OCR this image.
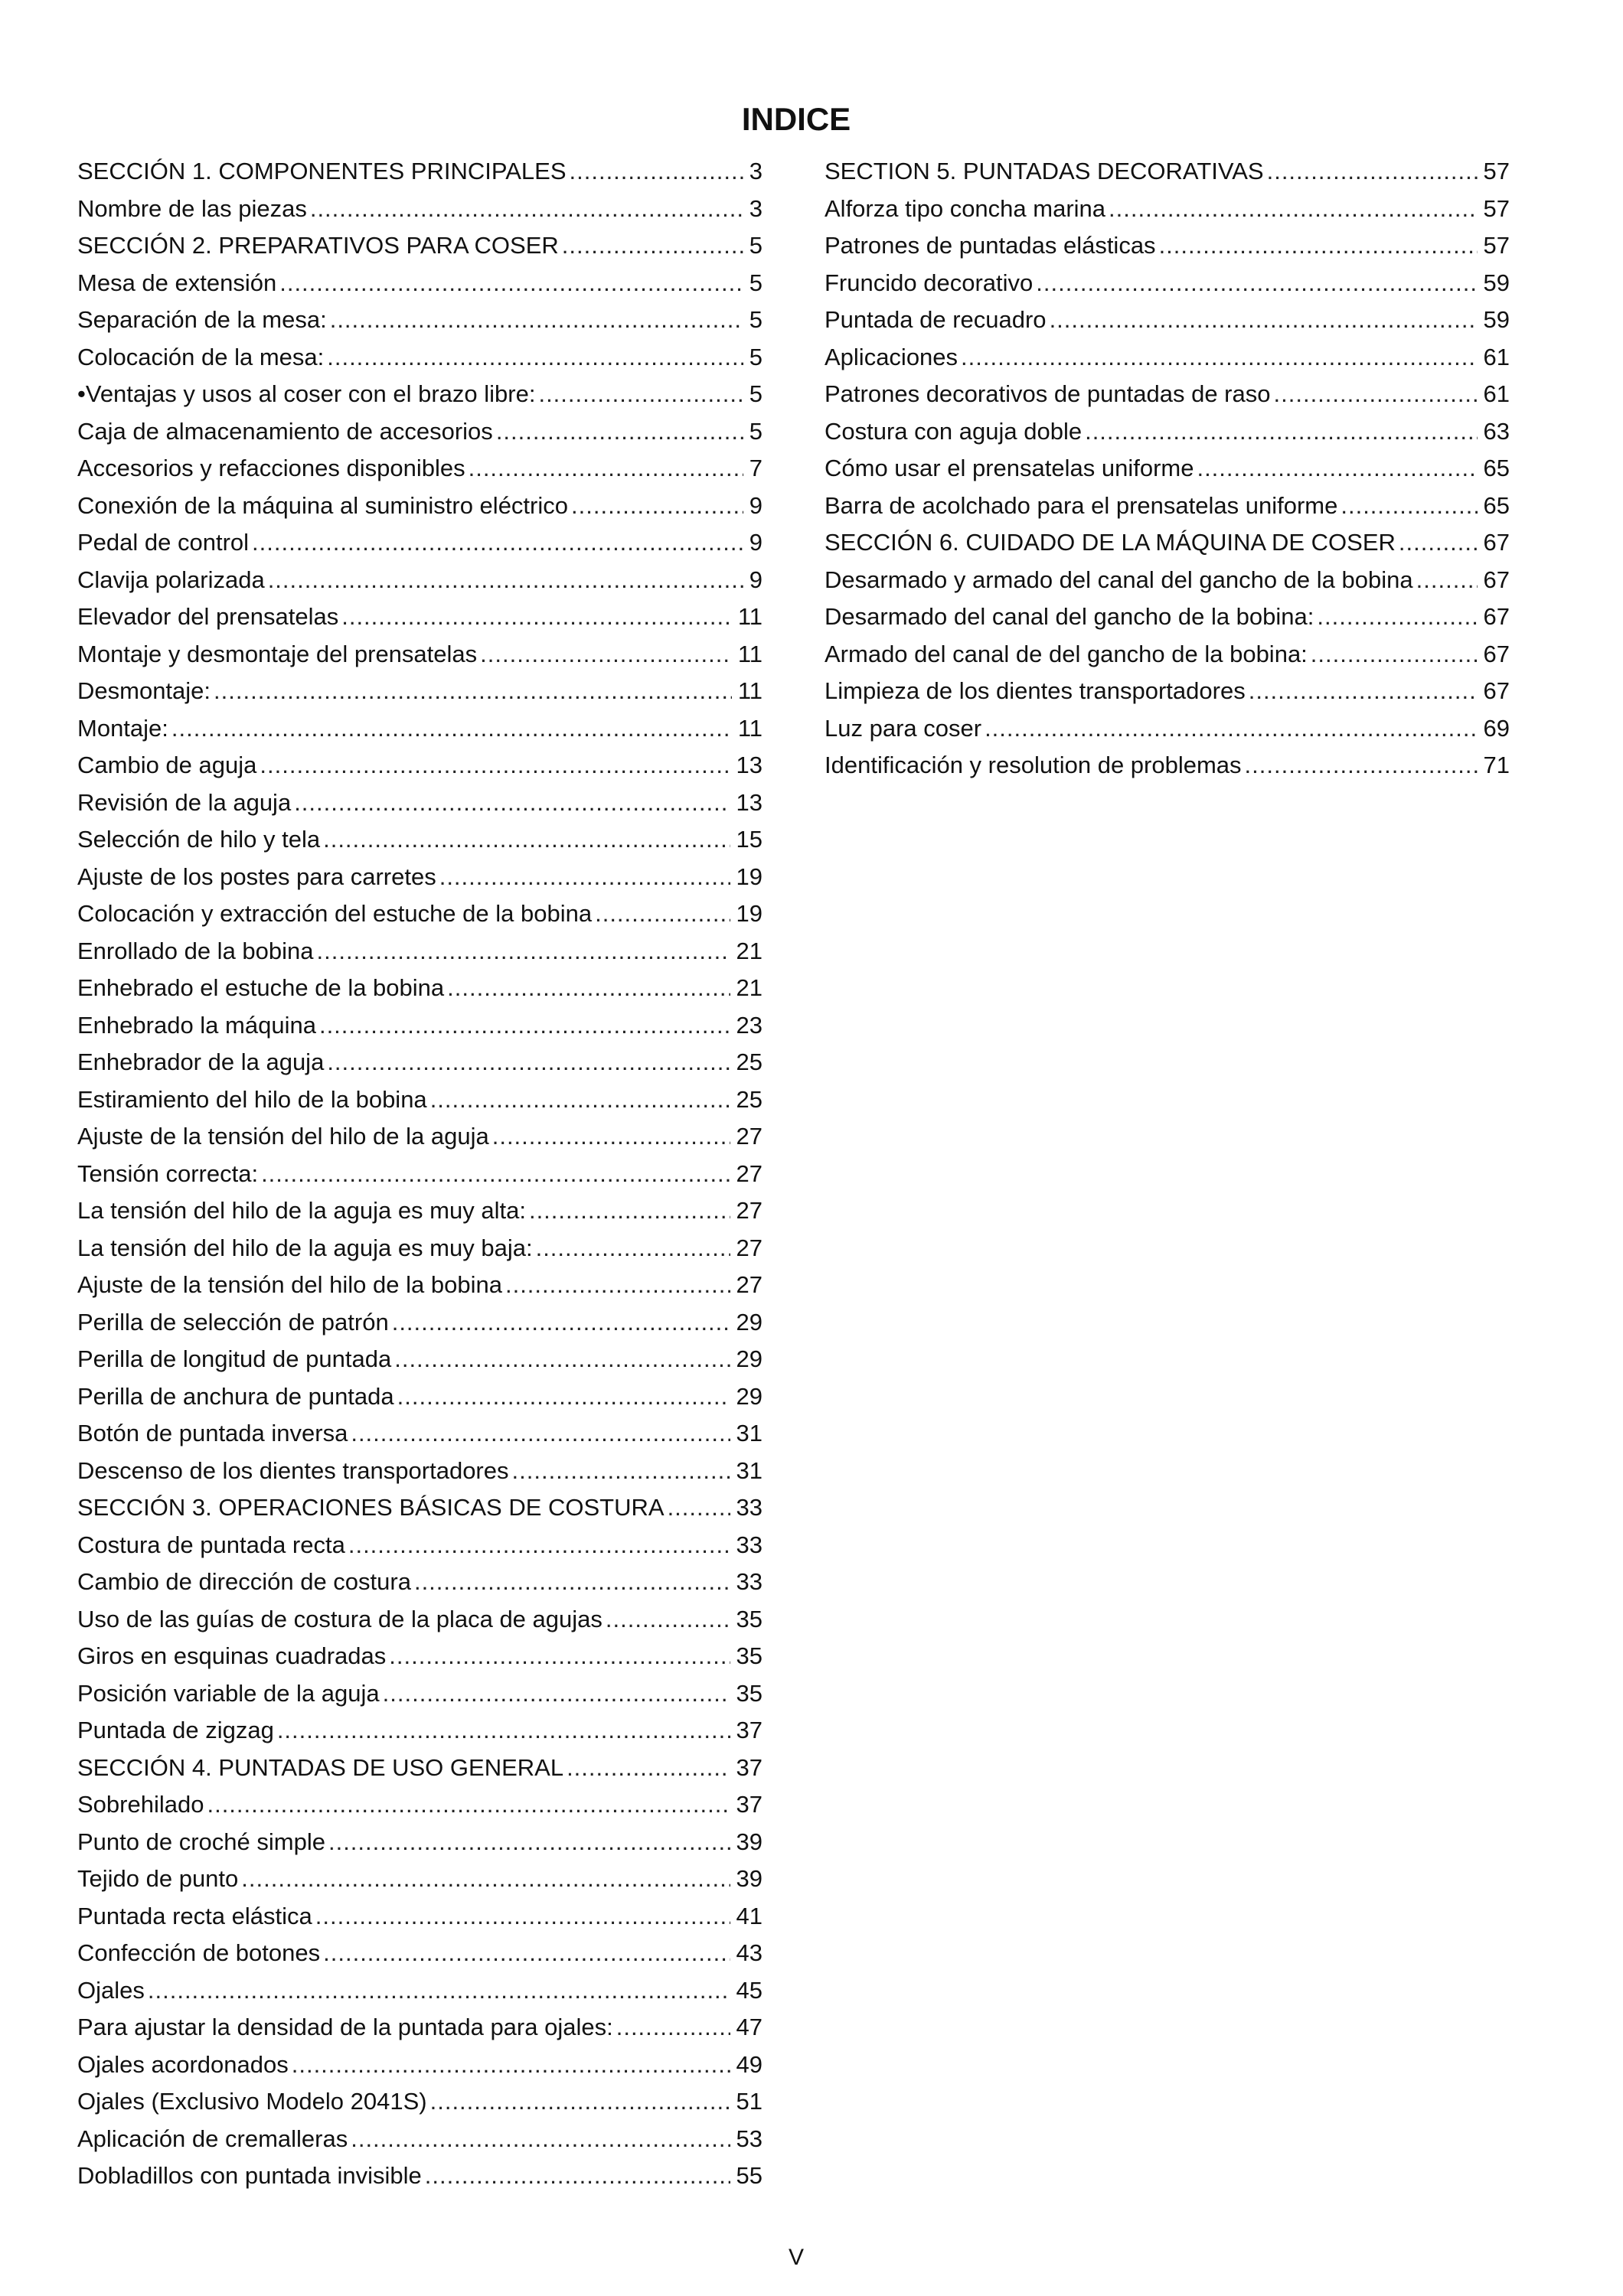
INDICE
SECCIÓN 1. COMPONENTES PRINCIPALES .....	3
Nombre de las piezas .....	3
SECCIÓN 2. PREPARATIVOS PARA COSER .....	5
Mesa de extensión .....	5
Separación de la mesa: .....	5
Colocación de la mesa: .....	5
•Ventajas y usos al coser con el brazo libre: .....	5
Caja de almacenamiento de accesorios .....	5
Accesorios y refacciones disponibles .....	7
Conexión de la máquina al suministro eléctrico .....	9
Pedal de control .....	9
Clavija polarizada .....	9
Elevador del prensatelas .....	11
Montaje y desmontaje del prensatelas .....	11
Desmontaje: .....	11
Montaje: .....	11
Cambio de aguja .....	13
Revisión de la aguja .....	13
Selección de hilo y tela .....	15
Ajuste de los postes para carretes .....	19
Colocación y extracción del estuche de la bobina .....	19
Enrollado de la bobina .....	21
Enhebrado el estuche de la bobina .....	21
Enhebrado la máquina .....	23
Enhebrador de la aguja .....	25
Estiramiento del hilo de la bobina .....	25
Ajuste de la tensión del hilo de la aguja .....	27
Tensión correcta: .....	27
La tensión del hilo de la aguja es muy alta: .....	27
La tensión del hilo de la aguja es muy baja: .....	27
Ajuste de la tensión del hilo de la bobina .....	27
Perilla de selección de patrón .....	29
Perilla de longitud de puntada .....	29
Perilla de anchura de puntada .....	29
Botón de puntada inversa .....	31
Descenso de los dientes transportadores .....	31
SECCIÓN 3. OPERACIONES BÁSICAS DE COSTURA .....	33
Costura de puntada recta .....	33
Cambio de dirección de costura .....	33
Uso de las guías de costura de la placa de agujas .....	35
Giros en esquinas cuadradas .....	35
Posición variable de la aguja .....	35
Puntada de zigzag .....	37
SECCIÓN 4. PUNTADAS DE USO GENERAL .....	37
Sobrehilado .....	37
Punto de croché simple .....	39
Tejido de punto .....	39
Puntada recta elástica .....	41
Confección de botones .....	43
Ojales .....	45
Para ajustar la densidad de la puntada para ojales: .....	47
Ojales acordonados .....	49
Ojales (Exclusivo Modelo 2041S) .....	51
Aplicación de cremalleras .....	53
Dobladillos con puntada invisible .....	55
SECTION 5. PUNTADAS DECORATIVAS .....	57
Alforza tipo concha marina .....	57
Patrones de puntadas elásticas .....	57
Fruncido decorativo .....	59
Puntada de recuadro .....	59
Aplicaciones .....	61
Patrones decorativos de puntadas de raso .....	61
Costura con aguja doble .....	63
Cómo usar el prensatelas uniforme .....	65
Barra de acolchado para el prensatelas uniforme .....	65
SECCIÓN 6. CUIDADO DE LA MÁQUINA DE COSER .....	67
Desarmado y armado del canal del gancho de la bobina .....	67
Desarmado del canal del gancho de la bobina: .....	67
Armado del canal de del gancho de la bobina: .....	67
Limpieza de los dientes transportadores .....	67
Luz para coser .....	69
Identificación y resolution de problemas .....	71
V
